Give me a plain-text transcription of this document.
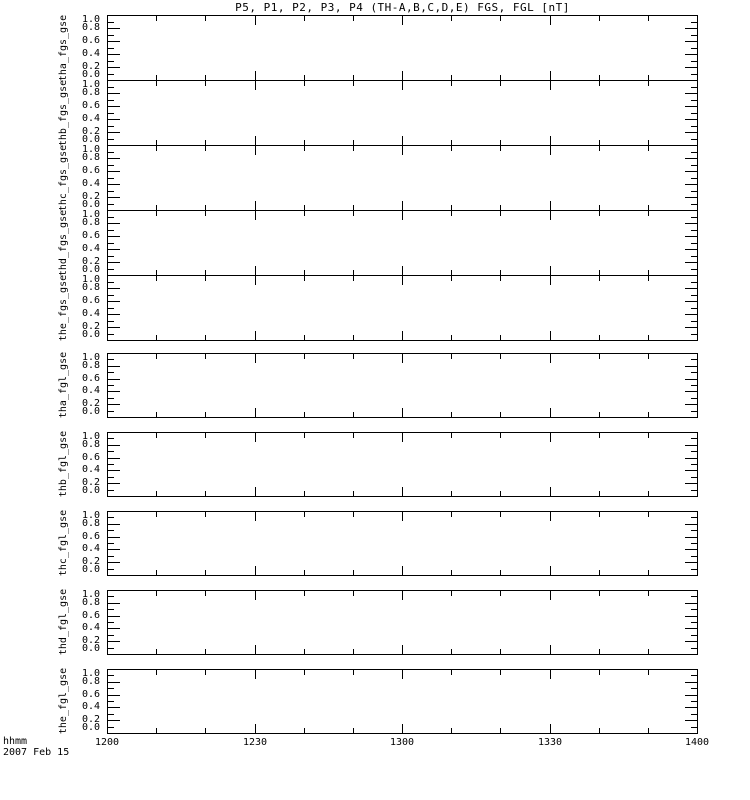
P5, P1, P2, P3, P4 (TH-A,B,C,D,E) FGS, FGL [nT]
1.0
0.8
0.6
0.4
0.2
0.0
tha_fgs_gse
1.0
0.8
0.6
0.4
0.2
0.0
thb_fgs_gse
1.0
0.8
0.6
0.4
0.2
0.0
thc_fgs_gse
1.0
0.8
0.6
0.4
0.2
0.0
thd_fgs_gse
1.0
0.8
0.6
0.4
0.2
0.0
the_fgs_gse
1.0
0.8
0.6
0.4
0.2
0.0
tha_fgl_gse
1.0
0.8
0.6
0.4
0.2
0.0
thb_fgl_gse
1.0
0.8
0.6
0.4
0.2
0.0
thc_fgl_gse
1.0
0.8
0.6
0.4
0.2
0.0
thd_fgl_gse
1.0
0.8
0.6
0.4
0.2
0.0
the_fgl_gse
1200	1230	1300	1330	1400
hhmm
2007 Feb 15
